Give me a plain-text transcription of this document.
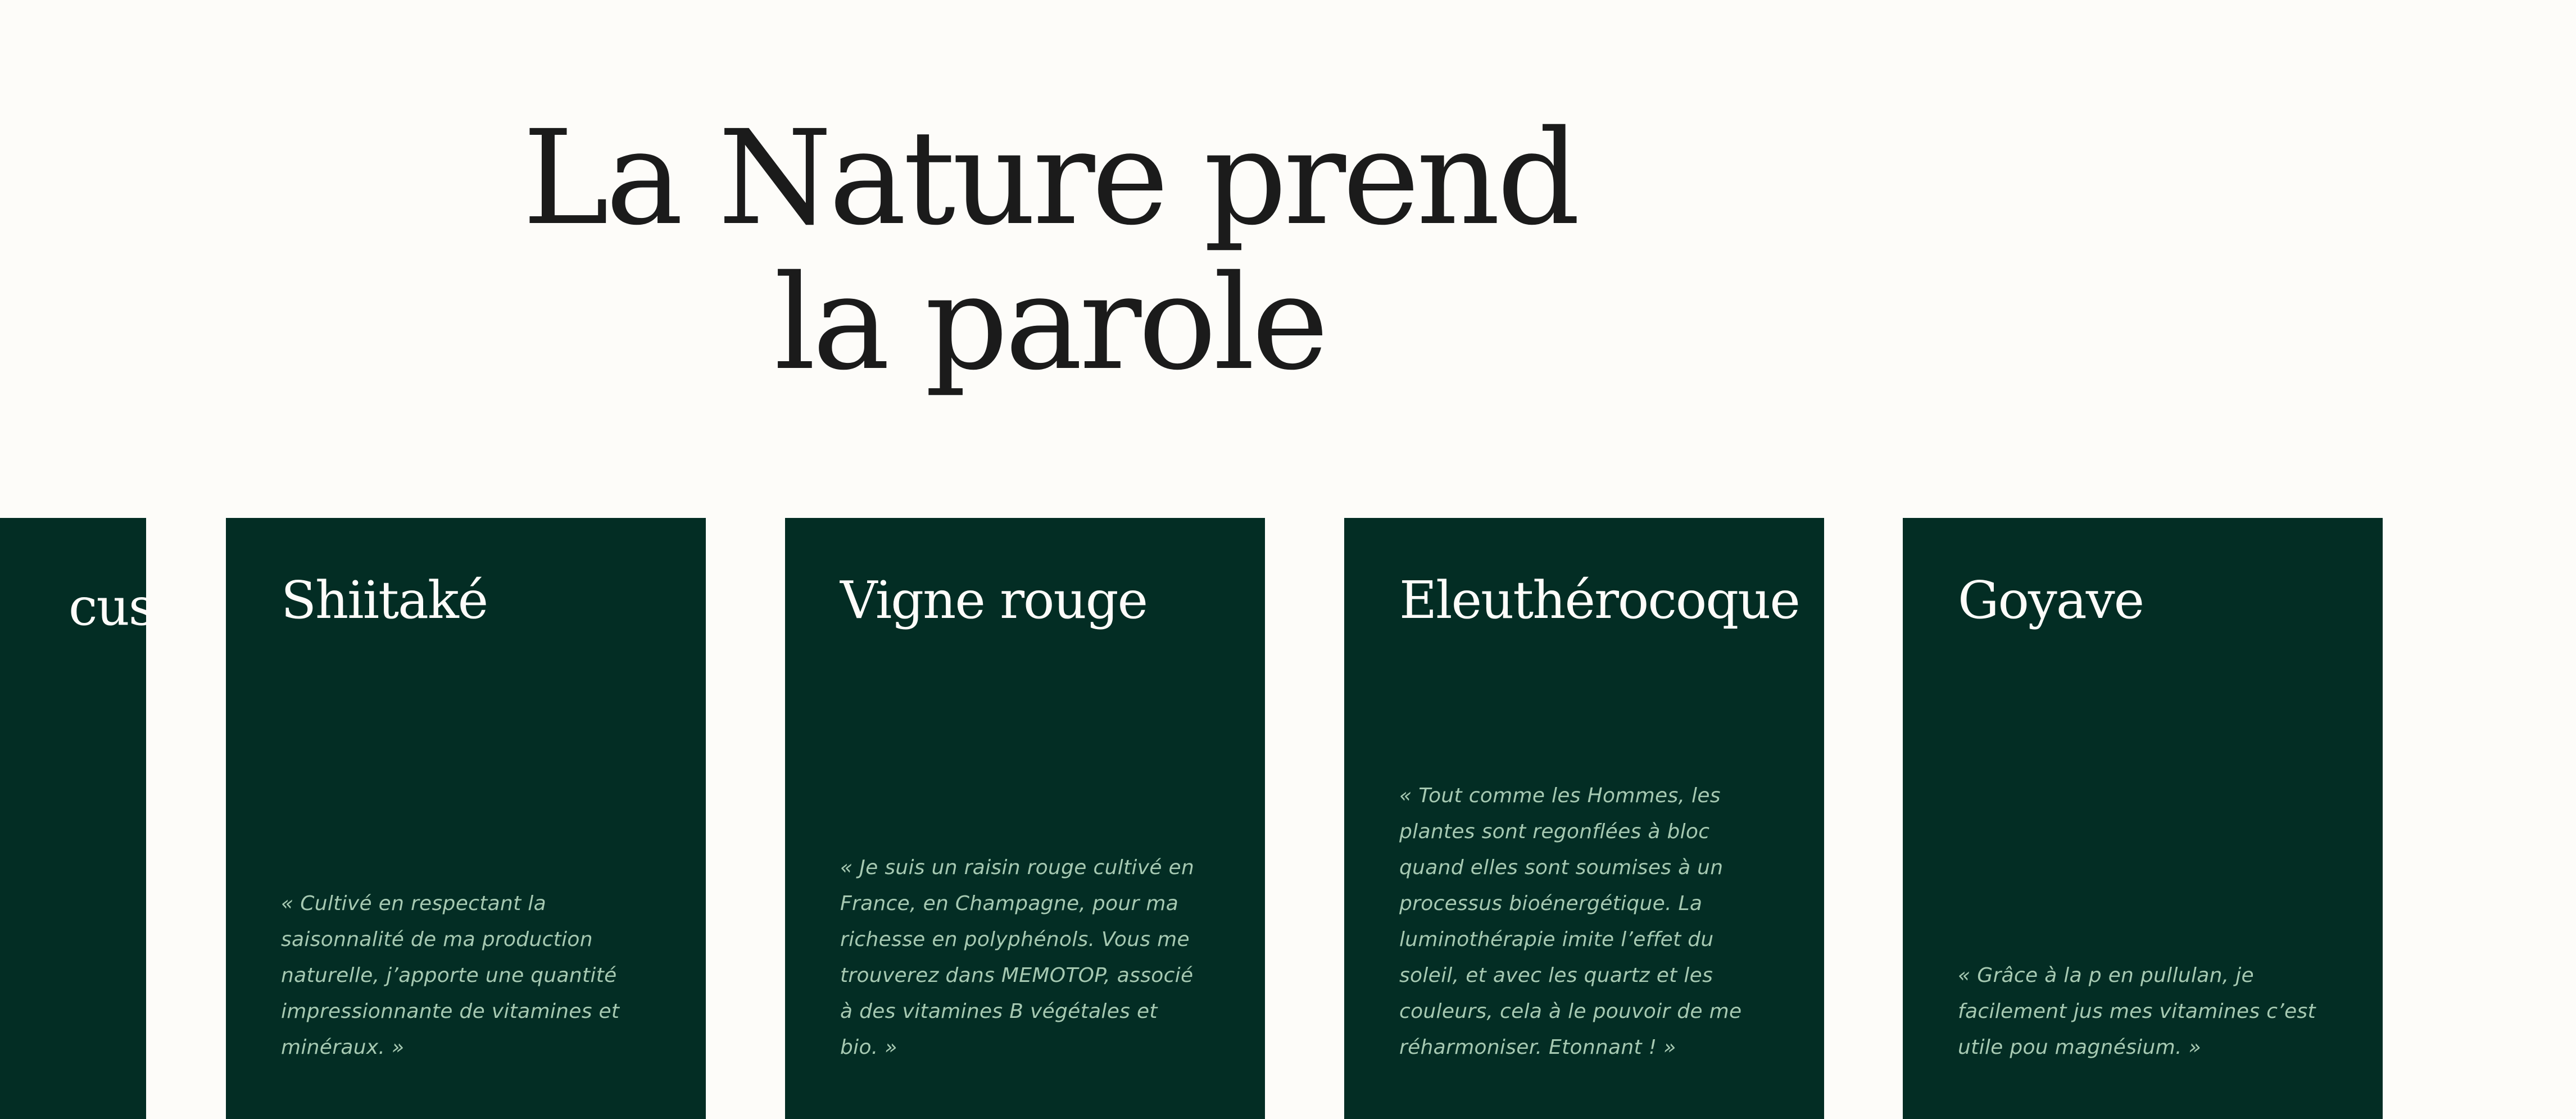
La Nature prend
la parole
cus Shiitaké

« Cultivé en respectant la saisonnalité de ma production naturelle, j’apporte une quantité impressionnante de vitamines et minéraux. »

Vigne rouge

« Je suis un raisin rouge cultivé en France, en Champagne, pour ma richesse en polyphénols. Vous me trouverez dans MEMOTOP, associé à des vitamines B végétales et bio. »

Eleuthérocoque

« Tout comme les Hommes, les plantes sont regonflées à bloc quand elles sont soumises à un processus bioénergétique. La luminothérapie imite l’effet du soleil, et avec les quartz et les couleurs, cela à le pouvoir de me réharmoniser. Etonnant ! »

Goyave

« Grâce à la p en pullulan, je facilement jus mes vitamines c’est utile pou magnésium. »
